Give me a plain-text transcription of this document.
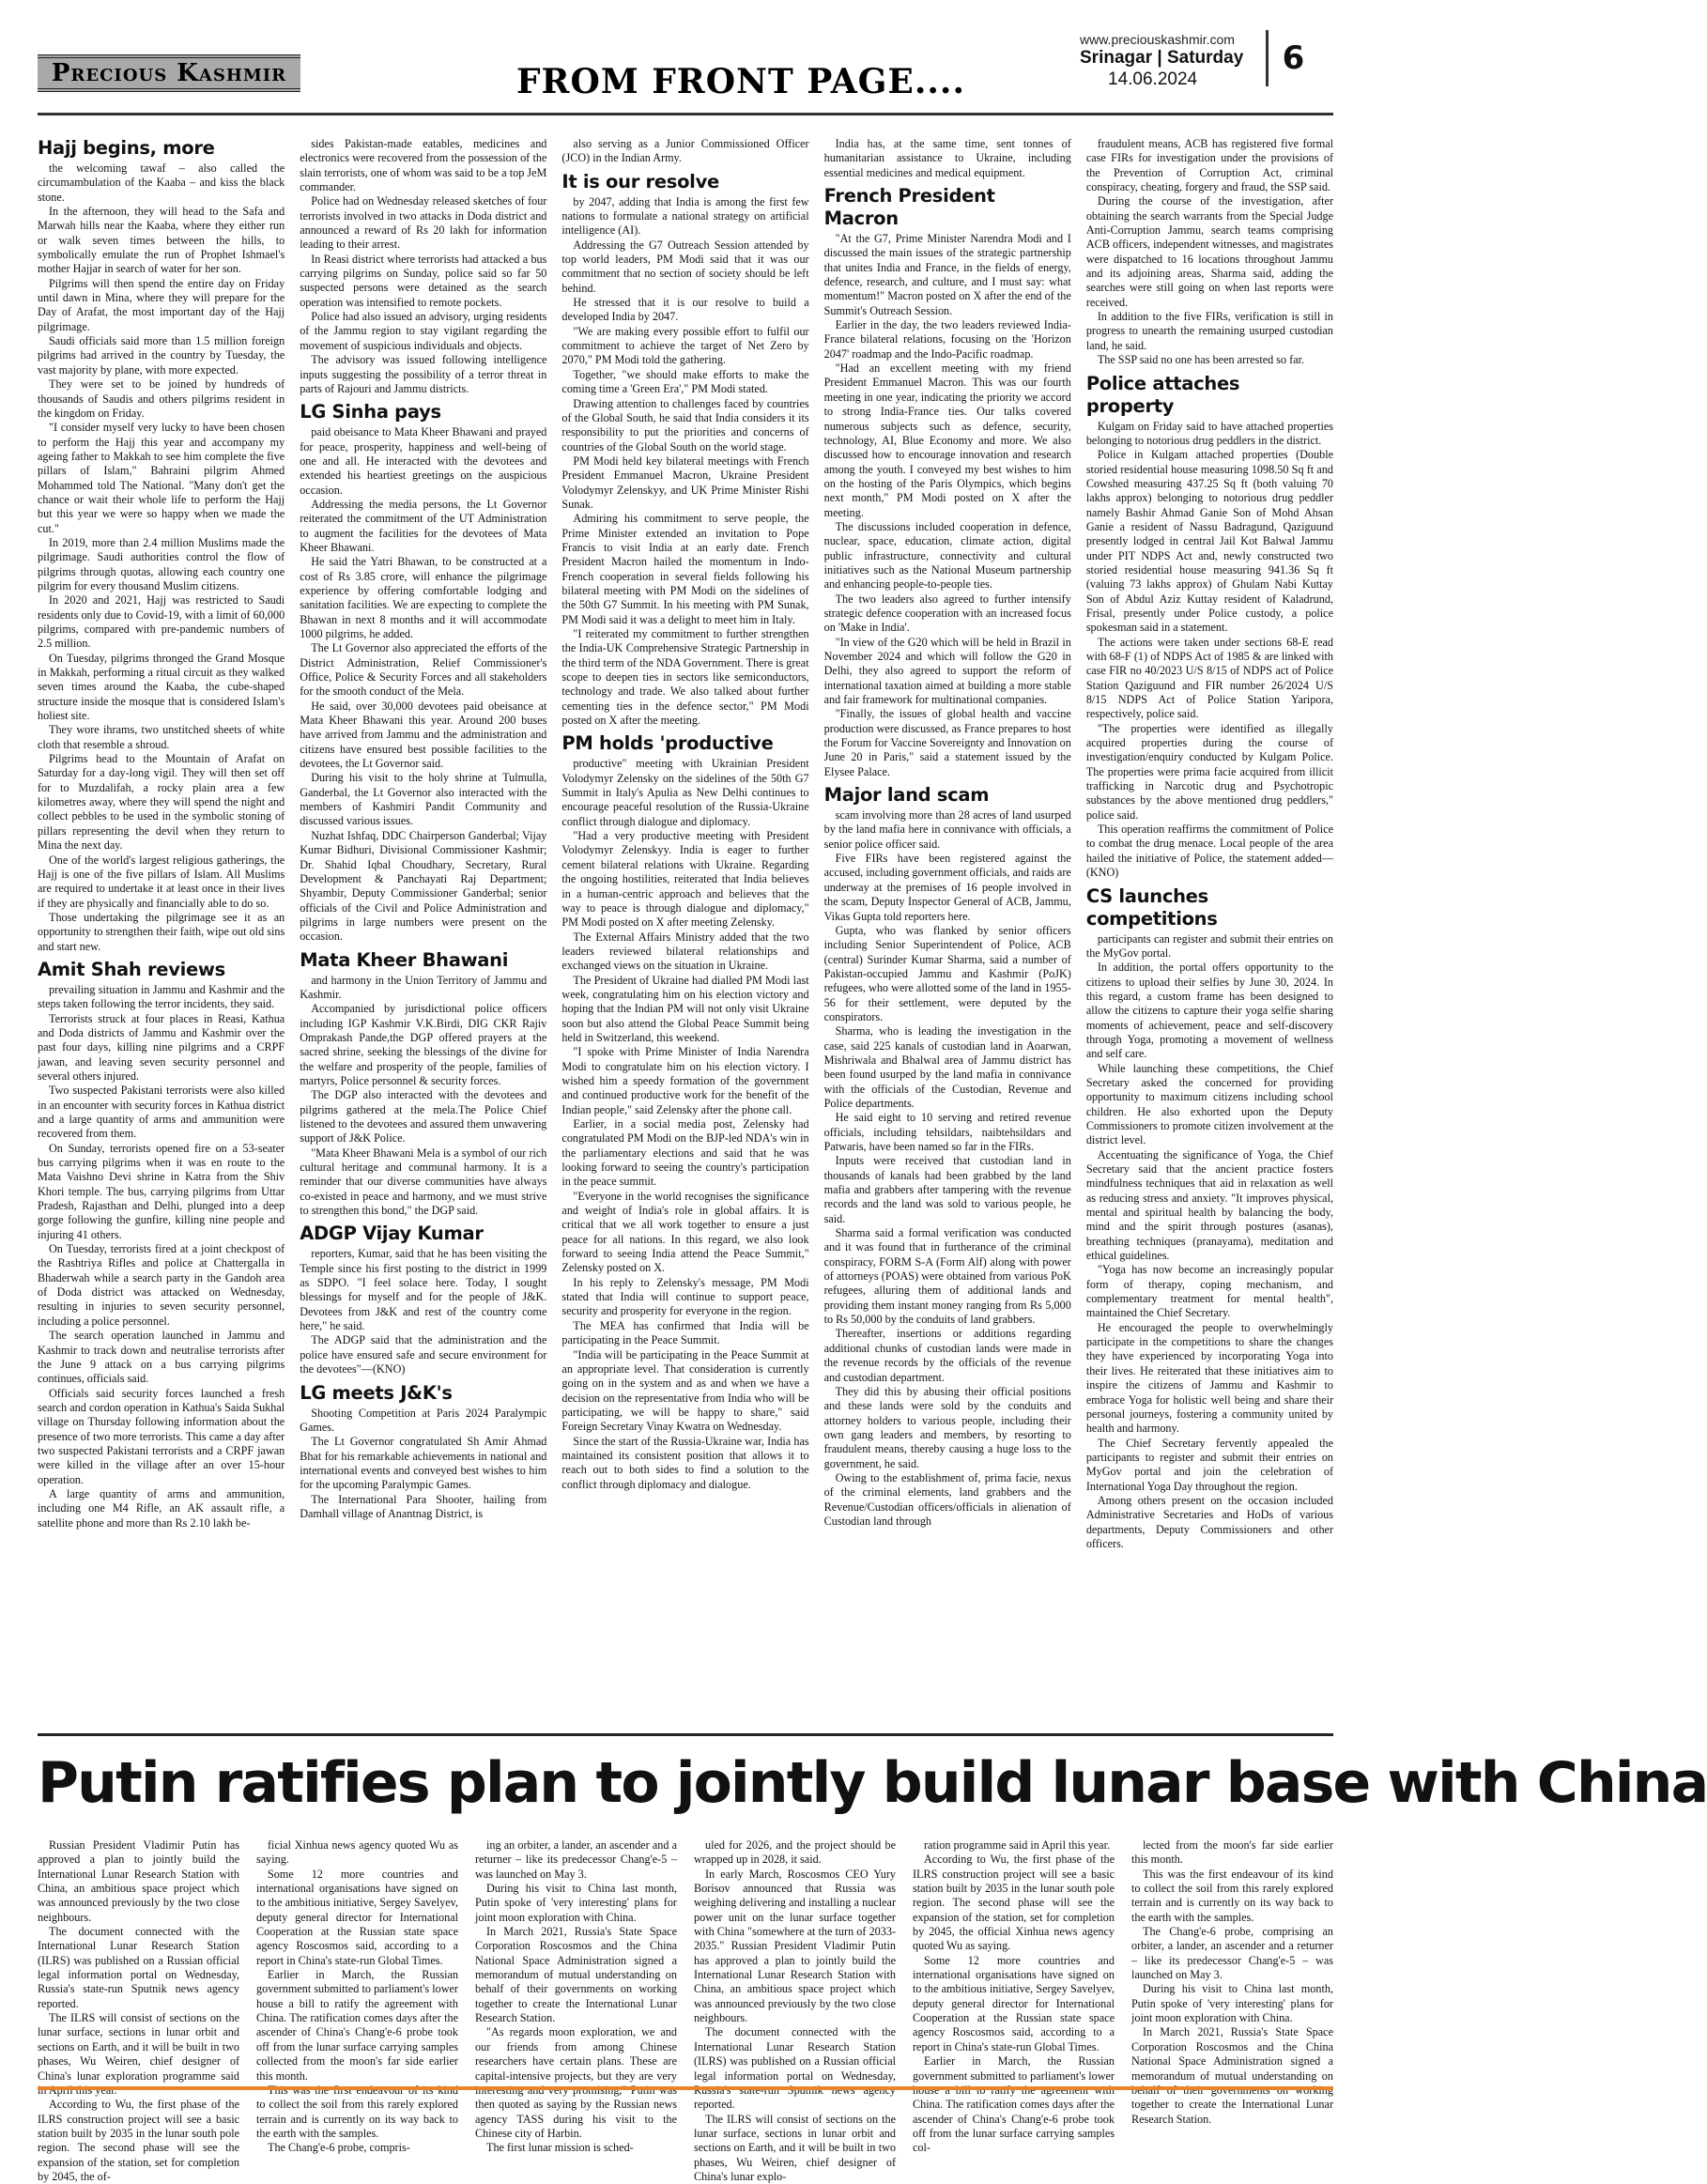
Precious Kashmir	FROM FRONT PAGE....
www.preciouskashmir.com
Srinagar | Saturday
14.06.2024
6
Hajj begins, more

the welcoming tawaf – also called the circumambulation of the Kaaba – and kiss the black stone.

In the afternoon, they will head to the Safa and Marwah hills near the Kaaba, where they either run or walk seven times between the hills, to symbolically emulate the run of Prophet Ishmael's mother Hajjar in search of water for her son.

Pilgrims will then spend the entire day on Friday until dawn in Mina, where they will prepare for the Day of Arafat, the most important day of the Hajj pilgrimage.

Saudi officials said more than 1.5 million foreign pilgrims had arrived in the country by Tuesday, the vast majority by plane, with more expected.

They were set to be joined by hundreds of thousands of Saudis and others pilgrims resident in the kingdom on Friday.

"I consider myself very lucky to have been chosen to perform the Hajj this year and accompany my ageing father to Makkah to see him complete the five pillars of Islam," Bahraini pilgrim Ahmed Mohammed told The National. "Many don't get the chance or wait their whole life to perform the Hajj but this year we were so happy when we made the cut."

In 2019, more than 2.4 million Muslims made the pilgrimage. Saudi authorities control the flow of pilgrims through quotas, allowing each country one pilgrim for every thousand Muslim citizens.

In 2020 and 2021, Hajj was restricted to Saudi residents only due to Covid-19, with a limit of 60,000 pilgrims, compared with pre-pandemic numbers of 2.5 million.

On Tuesday, pilgrims thronged the Grand Mosque in Makkah, performing a ritual circuit as they walked seven times around the Kaaba, the cube-shaped structure inside the mosque that is considered Islam's holiest site.

They wore ihrams, two unstitched sheets of white cloth that resemble a shroud.

Pilgrims head to the Mountain of Arafat on Saturday for a day-long vigil. They will then set off for to Muzdalifah, a rocky plain area a few kilometres away, where they will spend the night and collect pebbles to be used in the symbolic stoning of pillars representing the devil when they return to Mina the next day.

One of the world's largest religious gatherings, the Hajj is one of the five pillars of Islam. All Muslims are required to undertake it at least once in their lives if they are physically and financially able to do so.

Those undertaking the pilgrimage see it as an opportunity to strengthen their faith, wipe out old sins and start new.

Amit Shah reviews

prevailing situation in Jammu and Kashmir and the steps taken following the terror incidents, they said.

Terrorists struck at four places in Reasi, Kathua and Doda districts of Jammu and Kashmir over the past four days, killing nine pilgrims and a CRPF jawan, and leaving seven security personnel and several others injured.

Two suspected Pakistani terrorists were also killed in an encounter with security forces in Kathua district and a large quantity of arms and ammunition were recovered from them.

On Sunday, terrorists opened fire on a 53-seater bus carrying pilgrims when it was en route to the Mata Vaishno Devi shrine in Katra from the Shiv Khori temple. The bus, carrying pilgrims from Uttar Pradesh, Rajasthan and Delhi, plunged into a deep gorge following the gunfire, killing nine people and injuring 41 others.

On Tuesday, terrorists fired at a joint checkpost of the Rashtriya Rifles and police at Chattergalla in Bhaderwah while a search party in the Gandoh area of Doda district was attacked on Wednesday, resulting in injuries to seven security personnel, including a police personnel.

The search operation launched in Jammu and Kashmir to track down and neutralise terrorists after the June 9 attack on a bus carrying pilgrims continues, officials said.

Officials said security forces launched a fresh search and cordon operation in Kathua's Saida Sukhal village on Thursday following information about the presence of two more terrorists. This came a day after two suspected Pakistani terrorists and a CRPF jawan were killed in the village after an over 15-hour operation.

A large quantity of arms and ammunition, including one M4 Rifle, an AK assault rifle, a satellite phone and more than Rs 2.10 lakh be-

sides Pakistan-made eatables, medicines and electronics were recovered from the possession of the slain terrorists, one of whom was said to be a top JeM commander.

Police had on Wednesday released sketches of four terrorists involved in two attacks in Doda district and announced a reward of Rs 20 lakh for information leading to their arrest.

In Reasi district where terrorists had attacked a bus carrying pilgrims on Sunday, police said so far 50 suspected persons were detained as the search operation was intensified to remote pockets.

Police had also issued an advisory, urging residents of the Jammu region to stay vigilant regarding the movement of suspicious individuals and objects.

The advisory was issued following intelligence inputs suggesting the possibility of a terror threat in parts of Rajouri and Jammu districts.

LG Sinha pays

paid obeisance to Mata Kheer Bhawani and prayed for peace, prosperity, happiness and well-being of one and all. He interacted with the devotees and extended his heartiest greetings on the auspicious occasion.

Addressing the media persons, the Lt Governor reiterated the commitment of the UT Administration to augment the facilities for the devotees of Mata Kheer Bhawani.

He said the Yatri Bhawan, to be constructed at a cost of Rs 3.85 crore, will enhance the pilgrimage experience by offering comfortable lodging and sanitation facilities. We are expecting to complete the Bhawan in next 8 months and it will accommodate 1000 pilgrims, he added.

The Lt Governor also appreciated the efforts of the District Administration, Relief Commissioner's Office, Police & Security Forces and all stakeholders for the smooth conduct of the Mela.

He said, over 30,000 devotees paid obeisance at Mata Kheer Bhawani this year. Around 200 buses have arrived from Jammu and the administration and citizens have ensured best possible facilities to the devotees, the Lt Governor said.

During his visit to the holy shrine at Tulmulla, Ganderbal, the Lt Governor also interacted with the members of Kashmiri Pandit Community and discussed various issues.

Nuzhat Ishfaq, DDC Chairperson Ganderbal; Vijay Kumar Bidhuri, Divisional Commissioner Kashmir; Dr. Shahid Iqbal Choudhary, Secretary, Rural Development & Panchayati Raj Department; Shyambir, Deputy Commissioner Ganderbal; senior officials of the Civil and Police Administration and pilgrims in large numbers were present on the occasion.

Mata Kheer Bhawani

and harmony in the Union Territory of Jammu and Kashmir.

Accompanied by jurisdictional police officers including IGP Kashmir V.K.Birdi, DIG CKR Rajiv Omprakash Pande,the DGP offered prayers at the sacred shrine, seeking the blessings of the divine for the welfare and prosperity of the people, families of martyrs, Police personnel & security forces.

The DGP also interacted with the devotees and pilgrims gathered at the mela.The Police Chief listened to the devotees and assured them unwavering support of J&K Police.

"Mata Kheer Bhawani Mela is a symbol of our rich cultural heritage and communal harmony. It is a reminder that our diverse communities have always co-existed in peace and harmony, and we must strive to strengthen this bond," the DGP said.

ADGP Vijay Kumar

reporters, Kumar, said that he has been visiting the Temple since his first posting to the district in 1999 as SDPO. "I feel solace here. Today, I sought blessings for myself and for the people of J&K. Devotees from J&K and rest of the country come here," he said.

The ADGP said that the administration and the police have ensured safe and secure environment for the devotees"—(KNO)

LG meets J&K's

Shooting Competition at Paris 2024 Paralympic Games.

The Lt Governor congratulated Sh Amir Ahmad Bhat for his remarkable achievements in national and international events and conveyed best wishes to him for the upcoming Paralympic Games.

The International Para Shooter, hailing from Damhall village of Anantnag District, is

also serving as a Junior Commissioned Officer (JCO) in the Indian Army.

It is our resolve

by 2047, adding that India is among the first few nations to formulate a national strategy on artificial intelligence (AI).

Addressing the G7 Outreach Session attended by top world leaders, PM Modi said that it was our commitment that no section of society should be left behind.

He stressed that it is our resolve to build a developed India by 2047.

"We are making every possible effort to fulfil our commitment to achieve the target of Net Zero by 2070," PM Modi told the gathering.

Together, "we should make efforts to make the coming time a 'Green Era'," PM Modi stated.

Drawing attention to challenges faced by countries of the Global South, he said that India considers it its responsibility to put the priorities and concerns of countries of the Global South on the world stage.

PM Modi held key bilateral meetings with French President Emmanuel Macron, Ukraine President Volodymyr Zelenskyy, and UK Prime Minister Rishi Sunak.

Admiring his commitment to serve people, the Prime Minister extended an invitation to Pope Francis to visit India at an early date. French President Macron hailed the momentum in Indo-French cooperation in several fields following his bilateral meeting with PM Modi on the sidelines of the 50th G7 Summit. In his meeting with PM Sunak, PM Modi said it was a delight to meet him in Italy.

"I reiterated my commitment to further strengthen the India-UK Comprehensive Strategic Partnership in the third term of the NDA Government. There is great scope to deepen ties in sectors like semiconductors, technology and trade. We also talked about further cementing ties in the defence sector," PM Modi posted on X after the meeting.

PM holds 'productive

productive" meeting with Ukrainian President Volodymyr Zelensky on the sidelines of the 50th G7 Summit in Italy's Apulia as New Delhi continues to encourage peaceful resolution of the Russia-Ukraine conflict through dialogue and diplomacy.

"Had a very productive meeting with President Volodymyr Zelenskyy. India is eager to further cement bilateral relations with Ukraine. Regarding the ongoing hostilities, reiterated that India believes in a human-centric approach and believes that the way to peace is through dialogue and diplomacy," PM Modi posted on X after meeting Zelensky.

The External Affairs Ministry added that the two leaders reviewed bilateral relationships and exchanged views on the situation in Ukraine.

The President of Ukraine had dialled PM Modi last week, congratulating him on his election victory and hoping that the Indian PM will not only visit Ukraine soon but also attend the Global Peace Summit being held in Switzerland, this weekend.

"I spoke with Prime Minister of India Narendra Modi to congratulate him on his election victory. I wished him a speedy formation of the government and continued productive work for the benefit of the Indian people," said Zelensky after the phone call.

Earlier, in a social media post, Zelensky had congratulated PM Modi on the BJP-led NDA's win in the parliamentary elections and said that he was looking forward to seeing the country's participation in the peace summit.

"Everyone in the world recognises the significance and weight of India's role in global affairs. It is critical that we all work together to ensure a just peace for all nations. In this regard, we also look forward to seeing India attend the Peace Summit," Zelensky posted on X.

In his reply to Zelensky's message, PM Modi stated that India will continue to support peace, security and prosperity for everyone in the region.

The MEA has confirmed that India will be participating in the Peace Summit.

"India will be participating in the Peace Summit at an appropriate level. That consideration is currently going on in the system and as and when we have a decision on the representative from India who will be participating, we will be happy to share," said Foreign Secretary Vinay Kwatra on Wednesday.

Since the start of the Russia-Ukraine war, India has maintained its consistent position that allows it to reach out to both sides to find a solution to the conflict through diplomacy and dialogue.

India has, at the same time, sent tonnes of humanitarian assistance to Ukraine, including essential medicines and medical equipment.

French President Macron

"At the G7, Prime Minister Narendra Modi and I discussed the main issues of the strategic partnership that unites India and France, in the fields of energy, defence, research, and culture, and I must say: what momentum!" Macron posted on X after the end of the Summit's Outreach Session.

Earlier in the day, the two leaders reviewed India-France bilateral relations, focusing on the 'Horizon 2047' roadmap and the Indo-Pacific roadmap.

"Had an excellent meeting with my friend President Emmanuel Macron. This was our fourth meeting in one year, indicating the priority we accord to strong India-France ties. Our talks covered numerous subjects such as defence, security, technology, AI, Blue Economy and more. We also discussed how to encourage innovation and research among the youth. I conveyed my best wishes to him on the hosting of the Paris Olympics, which begins next month," PM Modi posted on X after the meeting.

The discussions included cooperation in defence, nuclear, space, education, climate action, digital public infrastructure, connectivity and cultural initiatives such as the National Museum partnership and enhancing people-to-people ties.

The two leaders also agreed to further intensify strategic defence cooperation with an increased focus on 'Make in India'.

"In view of the G20 which will be held in Brazil in November 2024 and which will follow the G20 in Delhi, they also agreed to support the reform of international taxation aimed at building a more stable and fair framework for multinational companies.

"Finally, the issues of global health and vaccine production were discussed, as France prepares to host the Forum for Vaccine Sovereignty and Innovation on June 20 in Paris," said a statement issued by the Elysee Palace.

Major land scam

scam involving more than 28 acres of land usurped by the land mafia here in connivance with officials, a senior police officer said.

Five FIRs have been registered against the accused, including government officials, and raids are underway at the premises of 16 people involved in the scam, Deputy Inspector General of ACB, Jammu, Vikas Gupta told reporters here.

Gupta, who was flanked by senior officers including Senior Superintendent of Police, ACB (central) Surinder Kumar Sharma, said a number of Pakistan-occupied Jammu and Kashmir (PoJK) refugees, who were allotted some of the land in 1955-56 for their settlement, were deputed by the conspirators.

Sharma, who is leading the investigation in the case, said 225 kanals of custodian land in Aoarwan, Mishriwala and Bhalwal area of Jammu district has been found usurped by the land mafia in connivance with the officials of the Custodian, Revenue and Police departments.

He said eight to 10 serving and retired revenue officials, including tehsildars, naibtehsildars and Patwaris, have been named so far in the FIRs.

Inputs were received that custodian land in thousands of kanals had been grabbed by the land mafia and grabbers after tampering with the revenue records and the land was sold to various people, he said.

Sharma said a formal verification was conducted and it was found that in furtherance of the criminal conspiracy, FORM S-A (Form Alf) along with power of attorneys (POAS) were obtained from various PoK refugees, alluring them of additional lands and providing them instant money ranging from Rs 5,000 to Rs 50,000 by the conduits of land grabbers.

Thereafter, insertions or additions regarding additional chunks of custodian lands were made in the revenue records by the officials of the revenue and custodian department.

They did this by abusing their official positions and these lands were sold by the conduits and attorney holders to various people, including their own gang leaders and members, by resorting to fraudulent means, thereby causing a huge loss to the government, he said.

Owing to the establishment of, prima facie, nexus of the criminal elements, land grabbers and the Revenue/Custodian officers/officials in alienation of Custodian land through

fraudulent means, ACB has registered five formal case FIRs for investigation under the provisions of the Prevention of Corruption Act, criminal conspiracy, cheating, forgery and fraud, the SSP said.

During the course of the investigation, after obtaining the search warrants from the Special Judge Anti-Corruption Jammu, search teams comprising ACB officers, independent witnesses, and magistrates were dispatched to 16 locations throughout Jammu and its adjoining areas, Sharma said, adding the searches were still going on when last reports were received.

In addition to the five FIRs, verification is still in progress to unearth the remaining usurped custodian land, he said.

The SSP said no one has been arrested so far.

Police attaches property

Kulgam on Friday said to have attached properties belonging to notorious drug peddlers in the district.

Police in Kulgam attached properties (Double storied residential house measuring 1098.50 Sq ft and Cowshed measuring 437.25 Sq ft (both valuing 70 lakhs approx) belonging to notorious drug peddler namely Bashir Ahmad Ganie Son of Mohd Ahsan Ganie a resident of Nassu Badragund, Qaziguund presently lodged in central Jail Kot Balwal Jammu under PIT NDPS Act and, newly constructed two storied residential house measuring 941.36 Sq ft (valuing 73 lakhs approx) of Ghulam Nabi Kuttay Son of Abdul Aziz Kuttay resident of Kaladrund, Frisal, presently under Police custody, a police spokesman said in a statement.

The actions were taken under sections 68-E read with 68-F (1) of NDPS Act of 1985 & are linked with case FIR no 40/2023 U/S 8/15 of NDPS act of Police Station Qaziguund and FIR number 26/2024 U/S 8/15 NDPS Act of Police Station Yaripora, respectively, police said.

"The properties were identified as illegally acquired properties during the course of investigation/enquiry conducted by Kulgam Police. The properties were prima facie acquired from illicit trafficking in Narcotic drug and Psychotropic substances by the above mentioned drug peddlers," police said.

This operation reaffirms the commitment of Police to combat the drug menace. Local people of the area hailed the initiative of Police, the statement added—(KNO)

CS launches competitions

participants can register and submit their entries on the MyGov portal.

In addition, the portal offers opportunity to the citizens to upload their selfies by June 30, 2024. In this regard, a custom frame has been designed to allow the citizens to capture their yoga selfie sharing moments of achievement, peace and self-discovery through Yoga, promoting a movement of wellness and self care.

While launching these competitions, the Chief Secretary asked the concerned for providing opportunity to maximum citizens including school children. He also exhorted upon the Deputy Commissioners to promote citizen involvement at the district level.

Accentuating the significance of Yoga, the Chief Secretary said that the ancient practice fosters mindfulness techniques that aid in relaxation as well as reducing stress and anxiety. "It improves physical, mental and spiritual health by balancing the body, mind and the spirit through postures (asanas), breathing techniques (pranayama), meditation and ethical guidelines.

"Yoga has now become an increasingly popular form of therapy, coping mechanism, and complementary treatment for mental health", maintained the Chief Secretary.

He encouraged the people to overwhelmingly participate in the competitions to share the changes they have experienced by incorporating Yoga into their lives. He reiterated that these initiatives aim to inspire the citizens of Jammu and Kashmir to embrace Yoga for holistic well being and share their personal journeys, fostering a community united by health and harmony.

The Chief Secretary fervently appealed the participants to register and submit their entries on MyGov portal and join the celebration of International Yoga Day throughout the region.

Among others present on the occasion included Administrative Secretaries and HoDs of various departments, Deputy Commissioners and other officers.

Putin ratifies plan to jointly build lunar base with China

Russian President Vladimir Putin has approved a plan to jointly build the International Lunar Research Station with China, an ambitious space project which was announced previously by the two close neighbours.

The document connected with the International Lunar Research Station (ILRS) was published on a Russian official legal information portal on Wednesday, Russia's state-run Sputnik news agency reported.

The ILRS will consist of sections on the lunar surface, sections in lunar orbit and sections on Earth, and it will be built in two phases, Wu Weiren, chief designer of China's lunar exploration programme said

According to Wu, the first phase of the ILRS construction project will see a basic station built by 2035 in the lunar south pole region. The second phase will see the expansion of the station, set for completion by 2045, the of-

ficial Xinhua news agency quoted Wu as saying.

Some 12 more countries and international organisations have signed on to the ambitious initiative, Sergey Savelyev, deputy general director for International Cooperation at the Russian state space agency Roscosmos said, according to a report in China's state-run Global Times.

Earlier in March, the Russian government submitted to parliament's lower house a bill to ratify the agreement with China. The ratification comes days after the ascender of China's Chang'e-6 probe took off from the lunar surface carrying samples collected from the moon's far side earlier this month.

to collect the soil from this rarely explored terrain and is currently on its way back to the earth with the samples.

The Chang'e-6 probe, compris-

ing an orbiter, a lander, an ascender and a returner – like its predecessor Chang'e-5 – was launched on May 3.

During his visit to China last month, Putin spoke of 'very interesting' plans for joint moon exploration with China.

In March 2021, Russia's State Space Corporation Roscosmos and the China National Space Administration signed a memorandum of mutual understanding on behalf of their governments on working together to create the International Lunar Research Station.

"As regards moon exploration, we and our friends from among Chinese researchers have certain plans. These are capital-intensive projects, but they are very then quoted as saying by the Russian news agency TASS during his visit to the Chinese city of Harbin.

The first lunar mission is sched-

uled for 2026, and the project should be wrapped up in 2028, it said.

In early March, Roscosmos CEO Yury Borisov announced that Russia was weighing delivering and installing a nuclear power unit on the lunar surface together with China "somewhere at the turn of 2033-2035." Russian President Vladimir Putin has approved a plan to jointly build the International Lunar Research Station with China, an ambitious space project which was announced previously by the two close neighbours.

The document connected with the International Lunar Research Station (ILRS) was published on a Russian official legal information portal on Wednesday, reported.

The ILRS will consist of sections on the lunar surface, sections in lunar orbit and sections on Earth, and it will be built in two phases, Wu Weiren, chief designer of China's lunar explo-

ration programme said in April this year.

According to Wu, the first phase of the ILRS construction project will see a basic station built by 2035 in the lunar south pole region. The second phase will see the expansion of the station, set for completion by 2045, the official Xinhua news agency quoted Wu as saying.

Some 12 more countries and international organisations have signed on to the ambitious initiative, Sergey Savelyev, deputy general director for International Cooperation at the Russian state space agency Roscosmos said, according to a report in China's state-run Global Times.

Earlier in March, the Russian government submitted to parliament's lower China. The ratification comes days after the ascender of China's Chang'e-6 probe took off from the lunar surface carrying samples col-

lected from the moon's far side earlier this month.

This was the first endeavour of its kind to collect the soil from this rarely explored terrain and is currently on its way back to the earth with the samples.

The Chang'e-6 probe, comprising an orbiter, a lander, an ascender and a returner – like its predecessor Chang'e-5 – was launched on May 3.

During his visit to China last month, Putin spoke of 'very interesting' plans for joint moon exploration with China.

In March 2021, Russia's State Space Corporation Roscosmos and the China National Space Administration signed a memorandum of mutual understanding on together to create the International Lunar Research Station.
